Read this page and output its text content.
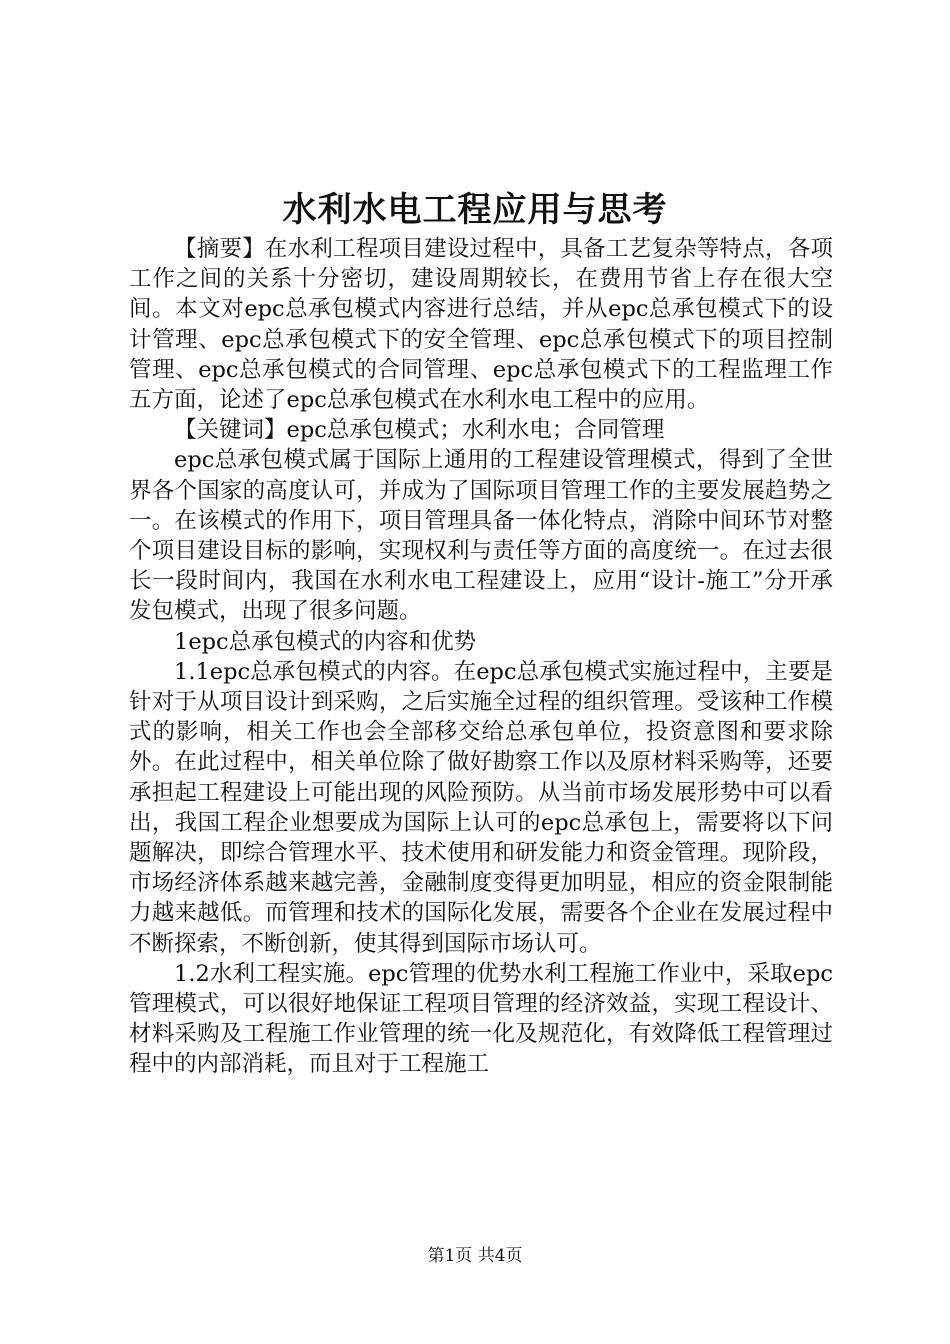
水利水电工程应用与思考

【摘要】在水利工程项目建设过程中，具备工艺复杂等特点，各项工作之间的关系十分密切，建设周期较长，在费用节省上存在很大空间。本文对epc总承包模式内容进行总结，并从epc总承包模式下的设计管理、epc总承包模式下的安全管理、epc总承包模式下的项目控制管理、epc总承包模式的合同管理、epc总承包模式下的工程监理工作五方面，论述了epc总承包模式在水利水电工程中的应用。

【关键词】epc总承包模式；水利水电；合同管理

epc总承包模式属于国际上通用的工程建设管理模式，得到了全世界各个国家的高度认可，并成为了国际项目管理工作的主要发展趋势之一。在该模式的作用下，项目管理具备一体化特点，消除中间环节对整个项目建设目标的影响，实现权利与责任等方面的高度统一。在过去很长一段时间内，我国在水利水电工程建设上，应用“设计-施工”分开承发包模式，出现了很多问题。

1epc总承包模式的内容和优势

1.1epc总承包模式的内容。在epc总承包模式实施过程中，主要是针对于从项目设计到采购，之后实施全过程的组织管理。受该种工作模式的影响，相关工作也会全部移交给总承包单位，投资意图和要求除外。在此过程中，相关单位除了做好勘察工作以及原材料采购等，还要承担起工程建设上可能出现的风险预防。从当前市场发展形势中可以看出，我国工程企业想要成为国际上认可的epc总承包上，需要将以下问题解决，即综合管理水平、技术使用和研发能力和资金管理。现阶段，市场经济体系越来越完善，金融制度变得更加明显，相应的资金限制能力越来越低。而管理和技术的国际化发展，需要各个企业在发展过程中不断探索，不断创新，使其得到国际市场认可。

1.2水利工程实施。epc管理的优势水利工程施工作业中，采取epc管理模式，可以很好地保证工程项目管理的经济效益，实现工程设计、材料采购及工程施工作业管理的统一化及规范化，有效降低工程管理过程中的内部消耗，而且对于工程施工

第1页 共4页
